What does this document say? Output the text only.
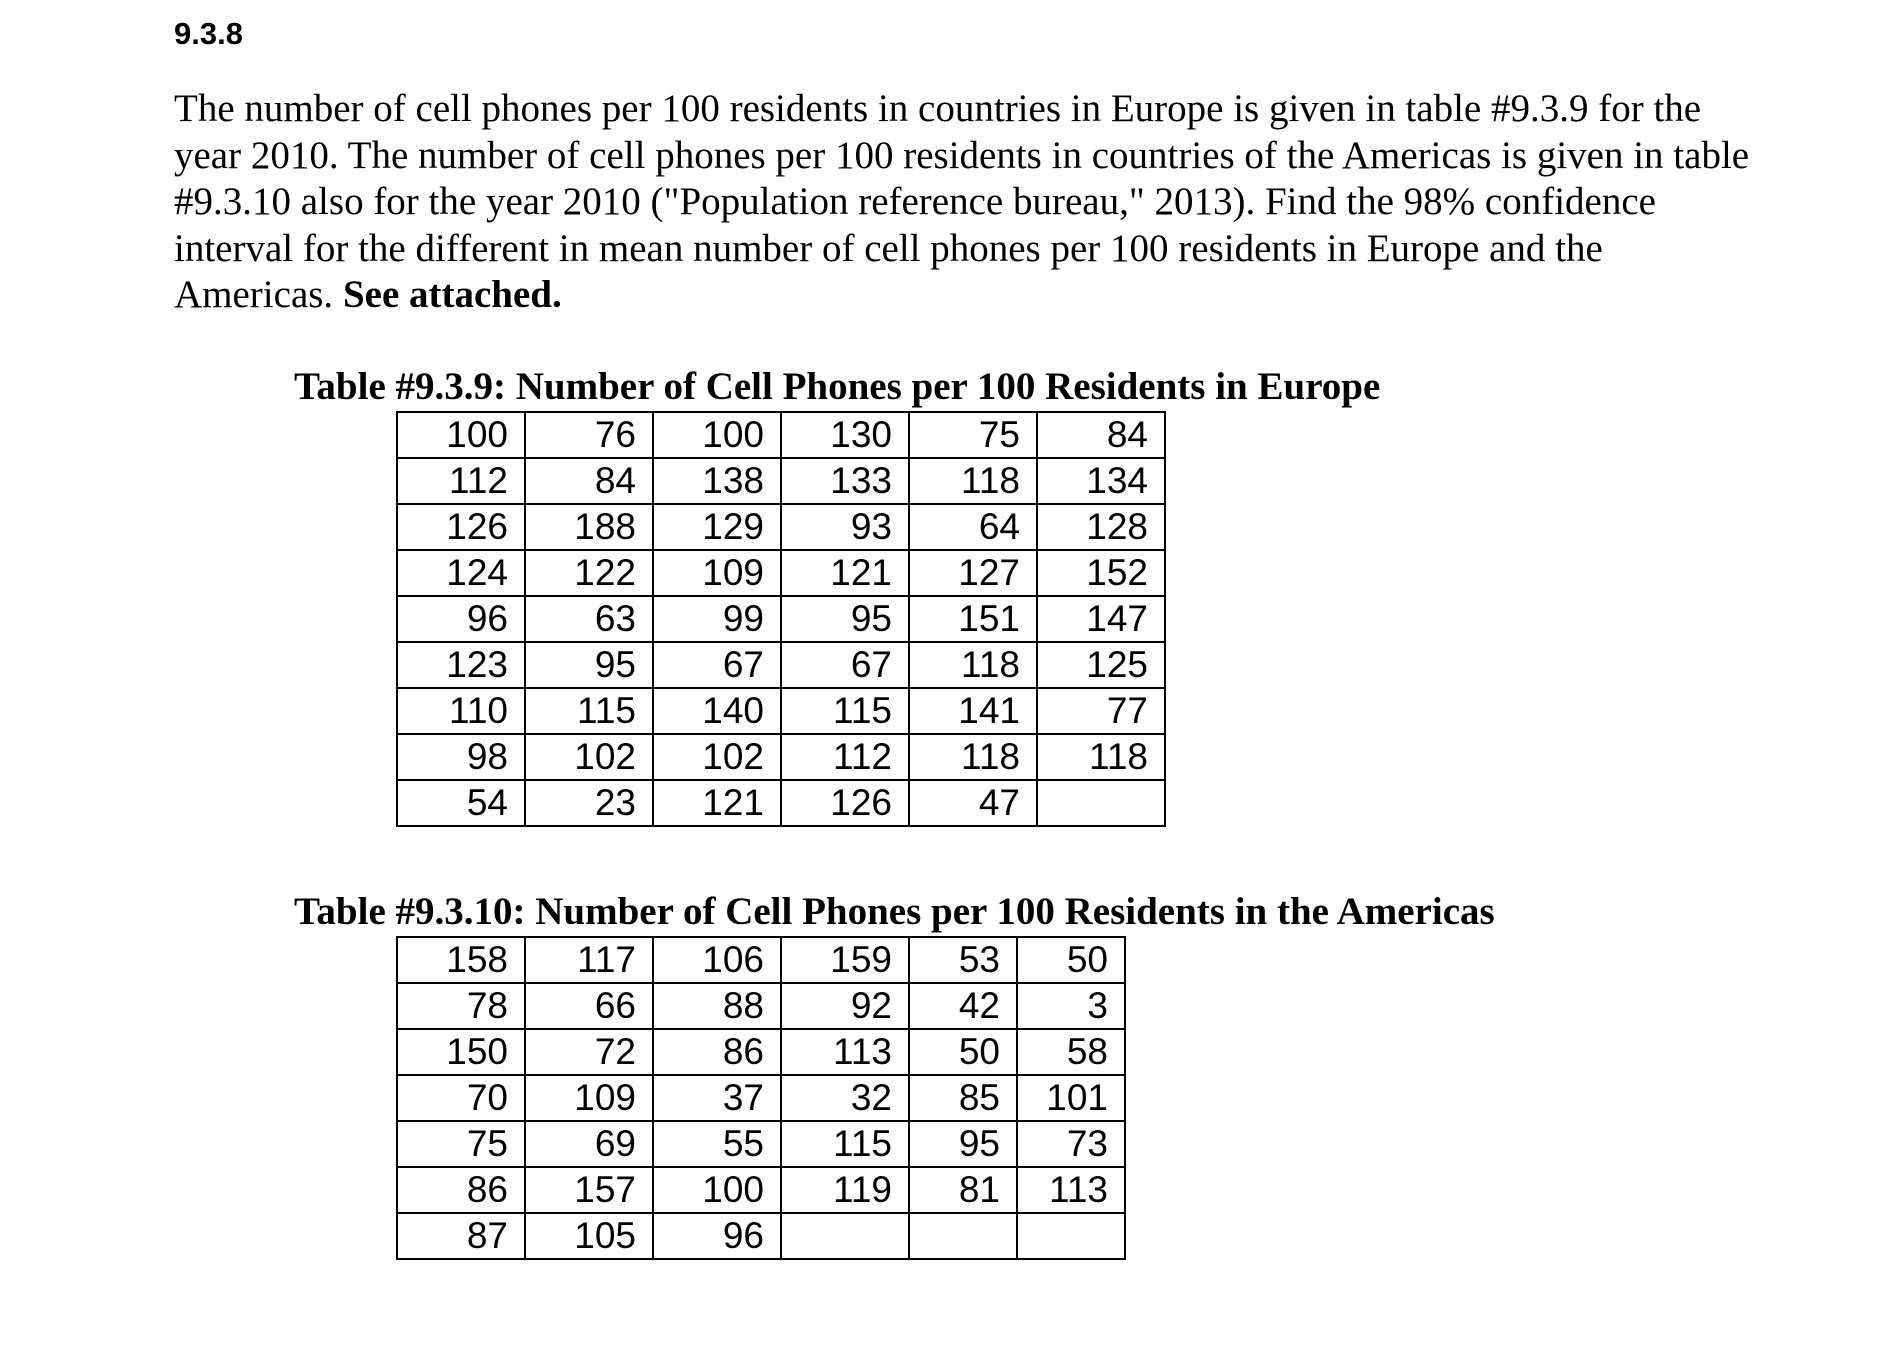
9.3.8

The number of cell phones per 100 residents in countries in Europe is given in table #9.3.9 for the year 2010. The number of cell phones per 100 residents in countries of the Americas is given in table #9.3.10 also for the year 2010 ("Population reference bureau," 2013). Find the 98% confidence interval for the different in mean number of cell phones per 100 residents in Europe and the Americas. See attached.

Table #9.3.9: Number of Cell Phones per 100 Residents in Europe
100	76	100	130	75	84
112	84	138	133	118	134
126	188	129	93	64	128
124	122	109	121	127	152
96	63	99	95	151	147
123	95	67	67	118	125
110	115	140	115	141	77
98	102	102	112	118	118
54	23	121	126	47	
Table #9.3.10: Number of Cell Phones per 100 Residents in the Americas
158	117	106	159	53	50
78	66	88	92	42	3
150	72	86	113	50	58
70	109	37	32	85	101
75	69	55	115	95	73
86	157	100	119	81	113
87	105	96			
